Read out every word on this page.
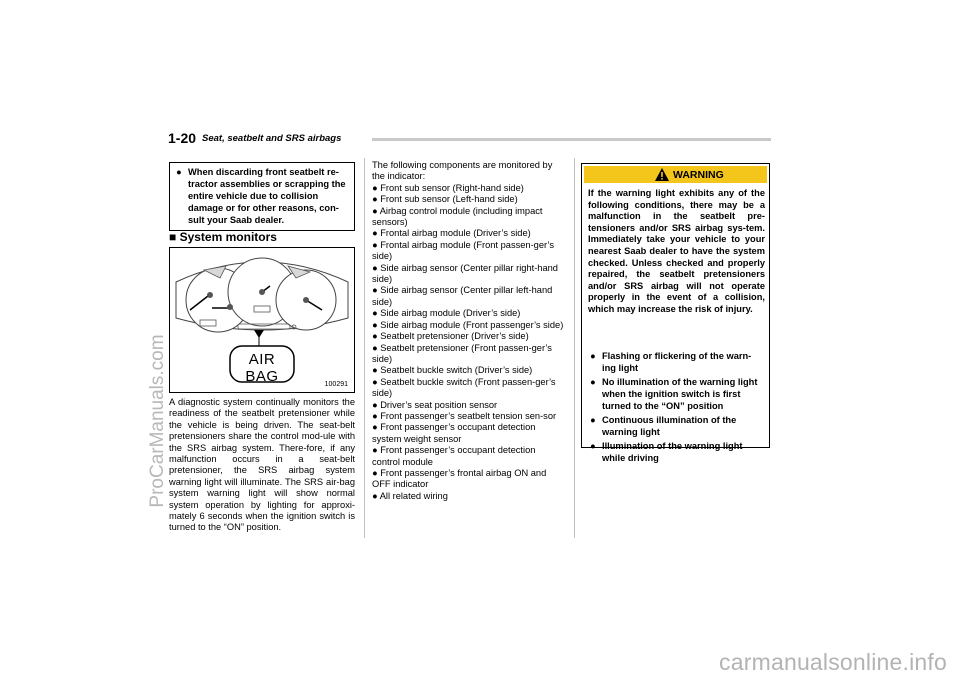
ProCarManuals.com
1-20 Seat, seatbelt and SRS airbags
● When discarding front seatbelt re-tractor assemblies or scrapping the entire vehicle due to collision damage or for other reasons, con-sult your Saab dealer.
■ System monitors
AIR BAG	100291
A diagnostic system continually monitors the readiness of the seatbelt pretensioner while the vehicle is being driven. The seat-belt pretensioners share the control mod-ule with the SRS airbag system. There-fore, if any malfunction occurs in a seat-belt pretensioner, the SRS airbag system warning light will illuminate. The SRS air-bag system warning light will show normal system operation by lighting for approxi-mately 6 seconds when the ignition switch is turned to the “ON” position.
The following components are monitored by the indicator:
● Front sub sensor (Right-hand side)
● Front sub sensor (Left-hand side)
● Airbag control module (including impact sensors)
● Frontal airbag module (Driver’s side)
● Frontal airbag module (Front passen-ger’s side)
● Side airbag sensor (Center pillar right-hand side)
● Side airbag sensor (Center pillar left-hand side)
● Side airbag module (Driver’s side)
● Side airbag module (Front passenger’s side)
● Seatbelt pretensioner (Driver’s side)
● Seatbelt pretensioner (Front passen-ger’s side)
● Seatbelt buckle switch (Driver’s side)
● Seatbelt buckle switch (Front passen-ger’s side)
● Driver’s seat position sensor
● Front passenger’s seatbelt tension sen-sor
● Front passenger’s occupant detection system weight sensor
● Front passenger’s occupant detection control module
● Front passenger’s frontal airbag ON and OFF indicator
● All related wiring
WARNING
If the warning light exhibits any of the following conditions, there may be a malfunction in the seatbelt pre-tensioners and/or SRS airbag sys-tem. Immediately take your vehicle to your nearest Saab dealer to have the system checked. Unless checked and properly repaired, the seatbelt pretensioners and/or SRS airbag will not operate properly in the event of a collision, which may increase the risk of injury.
● Flashing or flickering of the warn-ing light
● No illumination of the warning light when the ignition switch is first turned to the “ON” position
● Continuous illumination of the warning light
● Illumination of the warning light while driving
carmanualsonline.info
